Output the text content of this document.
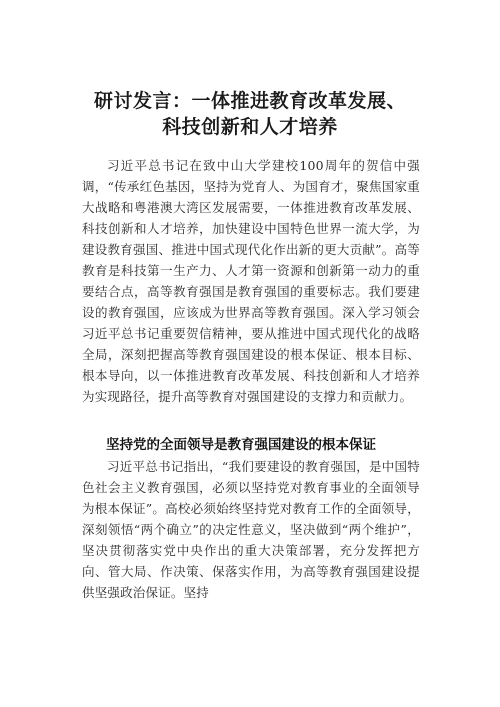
研讨发言：一体推进教育改革发展、
科技创新和人才培养

习近平总书记在致中山大学建校100周年的贺信中强调，“传承红色基因，坚持为党育人、为国育才，聚焦国家重大战略和粤港澳大湾区发展需要，一体推进教育改革发展、科技创新和人才培养，加快建设中国特色世界一流大学，为建设教育强国、推进中国式现代化作出新的更大贡献”。高等教育是科技第一生产力、人才第一资源和创新第一动力的重要结合点，高等教育强国是教育强国的重要标志。我们要建设的教育强国，应该成为世界高等教育强国。深入学习领会习近平总书记重要贺信精神，要从推进中国式现代化的战略全局，深刻把握高等教育强国建设的根本保证、根本目标、根本导向，以一体推进教育改革发展、科技创新和人才培养为实现路径，提升高等教育对强国建设的支撑力和贡献力。

坚持党的全面领导是教育强国建设的根本保证

习近平总书记指出，“我们要建设的教育强国，是中国特色社会主义教育强国，必须以坚持党对教育事业的全面领导为根本保证”。高校必须始终坚持党对教育工作的全面领导，深刻领悟“两个确立”的决定性意义，坚决做到“两个维护”，坚决贯彻落实党中央作出的重大决策部署，充分发挥把方向、管大局、作决策、保落实作用，为高等教育强国建设提供坚强政治保证。坚持
